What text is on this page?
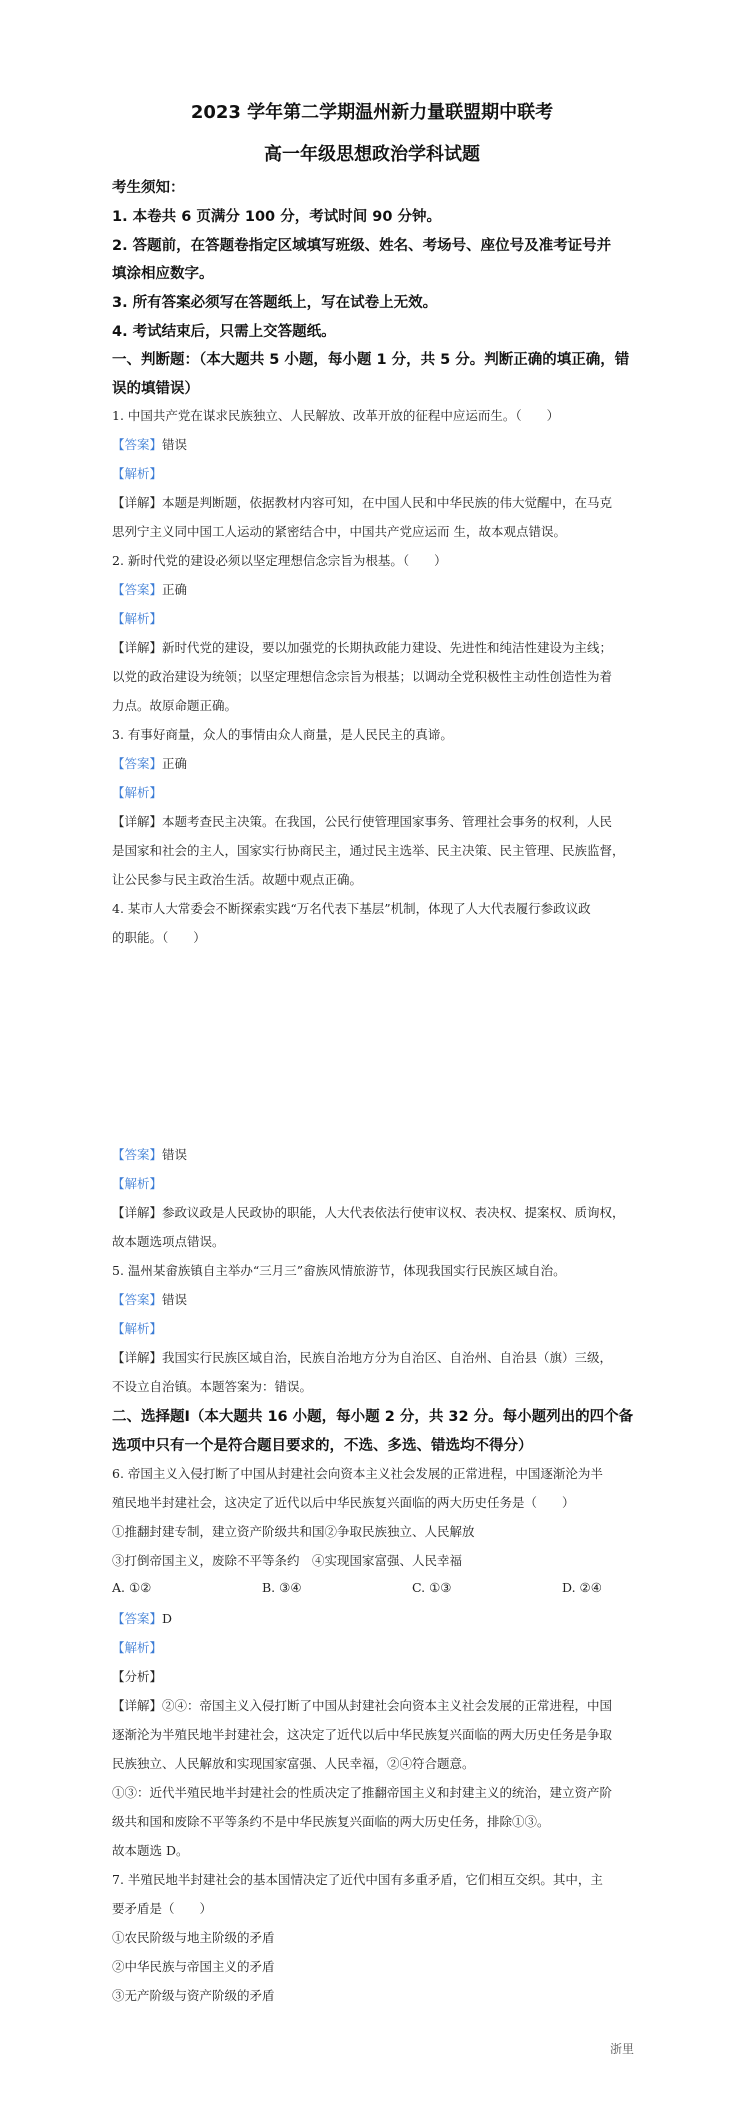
2023 学年第二学期温州新力量联盟期中联考
高一年级思想政治学科试题
考生须知：
1. 本卷共 6 页满分 100 分，考试时间 90 分钟。
2. 答题前，在答题卷指定区域填写班级、姓名、考场号、座位号及准考证号并
填涂相应数字。
3. 所有答案必须写在答题纸上，写在试卷上无效。
4. 考试结束后，只需上交答题纸。
一、判断题：（本大题共 5 小题，每小题 1 分，共 5 分。判断正确的填正确，错
误的填错误）
1. 中国共产党在谋求民族独立、人民解放、改革开放的征程中应运而生。（　　）
【答案】错误
【解析】
【详解】本题是判断题，依据教材内容可知，在中国人民和中华民族的伟大觉醒中，在马克
思列宁主义同中国工人运动的紧密结合中，中国共产党应运而 生，故本观点错误。
2. 新时代党的建设必须以坚定理想信念宗旨为根基。（　　）
【答案】正确
【解析】
【详解】新时代党的建设，要以加强党的长期执政能力建设、先进性和纯洁性建设为主线；
以党的政治建设为统领；以坚定理想信念宗旨为根基；以调动全党积极性主动性创造性为着
力点。故原命题正确。
3. 有事好商量，众人的事情由众人商量，是人民民主的真谛。
【答案】正确
【解析】
【详解】本题考查民主决策。在我国，公民行使管理国家事务、管理社会事务的权利，人民
是国家和社会的主人，国家实行协商民主，通过民主选举、民主决策、民主管理、民族监督，
让公民参与民主政治生活。故题中观点正确。
4. 某市人大常委会不断探索实践“万名代表下基层”机制，体现了人大代表履行参政议政
的职能。（　　）
【答案】错误
【解析】
【详解】参政议政是人民政协的职能，人大代表依法行使审议权、表决权、提案权、质询权，
故本题选项点错误。
5. 温州某畲族镇自主举办“三月三”畲族风情旅游节，体现我国实行民族区域自治。
【答案】错误
【解析】
【详解】我国实行民族区域自治，民族自治地方分为自治区、自治州、自治县（旗）三级，
不设立自治镇。本题答案为：错误。
二、选择题Ⅰ（本大题共 16 小题，每小题 2 分，共 32 分。每小题列出的四个备
选项中只有一个是符合题目要求的，不选、多选、错选均不得分）
6. 帝国主义入侵打断了中国从封建社会向资本主义社会发展的正常进程，中国逐渐沦为半
殖民地半封建社会，这决定了近代以后中华民族复兴面临的两大历史任务是（　　）
①推翻封建专制，建立资产阶级共和国②争取民族独立、人民解放
③打倒帝国主义，废除不平等条约　④实现国家富强、人民幸福
A. ①②	B. ③④	C. ①③	D. ②④
【答案】D
【解析】
【分析】
【详解】②④：帝国主义入侵打断了中国从封建社会向资本主义社会发展的正常进程，中国
逐渐沦为半殖民地半封建社会，这决定了近代以后中华民族复兴面临的两大历史任务是争取
民族独立、人民解放和实现国家富强、人民幸福，②④符合题意。
①③：近代半殖民地半封建社会的性质决定了推翻帝国主义和封建主义的统治，建立资产阶
级共和国和废除不平等条约不是中华民族复兴面临的两大历史任务，排除①③。
故本题选 D。
7. 半殖民地半封建社会的基本国情决定了近代中国有多重矛盾，它们相互交织。其中，主
要矛盾是（　　）
①农民阶级与地主阶级的矛盾
②中华民族与帝国主义的矛盾
③无产阶级与资产阶级的矛盾
浙里
